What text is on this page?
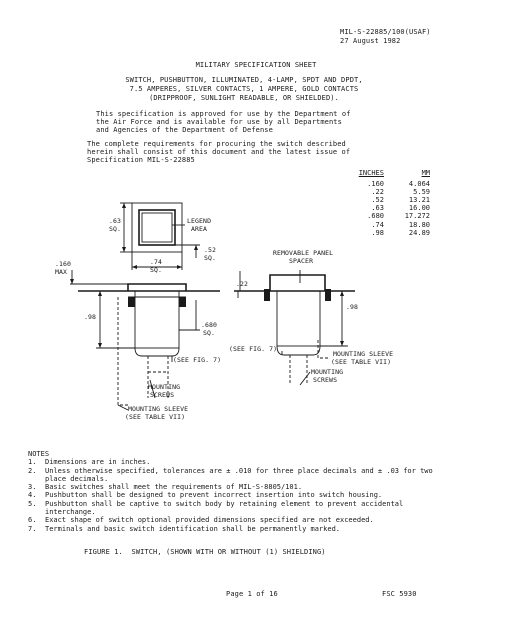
MIL-S-22885/100(USAF)
27 August 1982
MILITARY SPECIFICATION SHEET
SWITCH, PUSHBUTTON, ILLUMINATED, 4-LAMP, SPDT AND DPDT,
7.5 AMPERES, SILVER CONTACTS, 1 AMPERE, GOLD CONTACTS
(DRIPPROOF, SUNLIGHT READABLE, OR SHIELDED).
This specification is approved for use by the Department of
the Air Force and is available for use by all Departments
and Agencies of the Department of Defense
The complete requirements for procuring the switch described
herein shall consist of this document and the latest issue of
Specification MIL-S-22885
INCHES	MM
.160	4.064
.22	5.59
.52	13.21
.63	16.00
.680	17.272
.74	18.80
.98	24.89
.63
SQ.
LEGEND
AREA
.52
SQ.
.74
SQ.
.160
MAX
.98
.680
SQ.
(SEE FIG. 7)
MOUNTING
SCREWS
MOUNTING SLEEVE
(SEE TABLE VII)
REMOVABLE PANEL
SPACER
.22
.98
(SEE FIG. 7)
MOUNTING SLEEVE
(SEE TABLE VII)
MOUNTING
SCREWS
NOTES
1.	Dimensions are in inches.
2.	Unless otherwise specified, tolerances are ± .010 for three place decimals and ± .03 for two place decimals.
3.	Basic switches shall meet the requirements of MIL-S-8805/101.
4.	Pushbutton shall be designed to prevent incorrect insertion into switch housing.
5.	Pushbutton shall be captive to switch body by retaining element to prevent accidental interchange.
6.	Exact shape of switch optional provided dimensions specified are not exceeded.
7.	Terminals and basic switch identification shall be permanently marked.
FIGURE 1.  SWITCH, (SHOWN WITH OR WITHOUT (1) SHIELDING)
Page 1 of 16	FSC 5930
